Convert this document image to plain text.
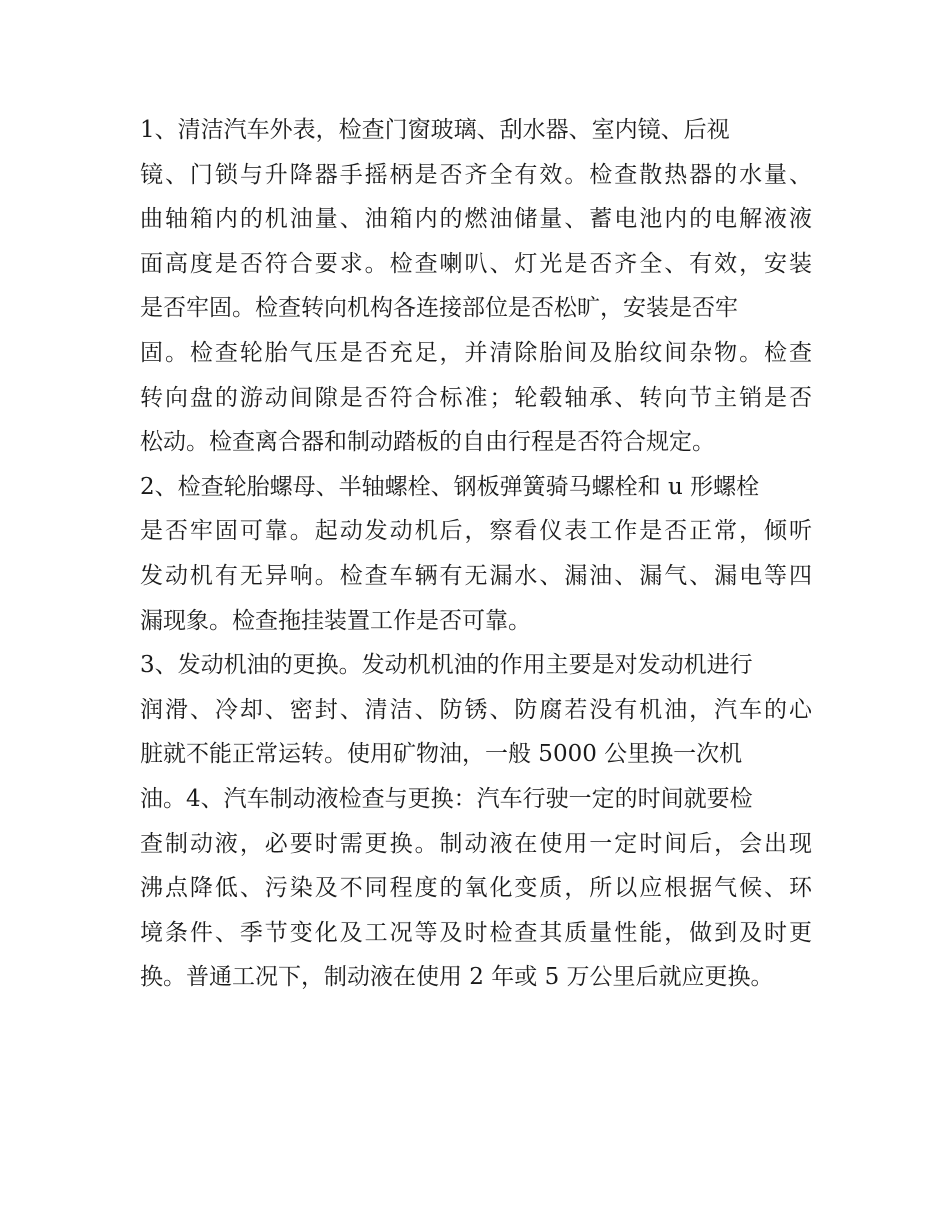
1、清洁汽车外表，检查门窗玻璃、刮水器、室内镜、后视
镜、门锁与升降器手摇柄是否齐全有效。检查散热器的水量、
曲轴箱内的机油量、油箱内的燃油储量、蓄电池内的电解液液
面高度是否符合要求。检查喇叭、灯光是否齐全、有效，安装
是否牢固。检查转向机构各连接部位是否松旷，安装是否牢
固。检查轮胎气压是否充足，并清除胎间及胎纹间杂物。检查
转向盘的游动间隙是否符合标准；轮毂轴承、转向节主销是否
松动。检查离合器和制动踏板的自由行程是否符合规定。
2、检查轮胎螺母、半轴螺栓、钢板弹簧骑马螺栓和 u 形螺栓
是否牢固可靠。起动发动机后，察看仪表工作是否正常，倾听
发动机有无异响。检查车辆有无漏水、漏油、漏气、漏电等四
漏现象。检查拖挂装置工作是否可靠。
3、发动机油的更换。发动机机油的作用主要是对发动机进行
润滑、冷却、密封、清洁、防锈、防腐若没有机油，汽车的心
脏就不能正常运转。使用矿物油，一般 5000 公里换一次机
油。4、汽车制动液检查与更换：汽车行驶一定的时间就要检
查制动液，必要时需更换。制动液在使用一定时间后，会出现
沸点降低、污染及不同程度的氧化变质，所以应根据气候、环
境条件、季节变化及工况等及时检查其质量性能，做到及时更
换。普通工况下，制动液在使用 2 年或 5 万公里后就应更换。
